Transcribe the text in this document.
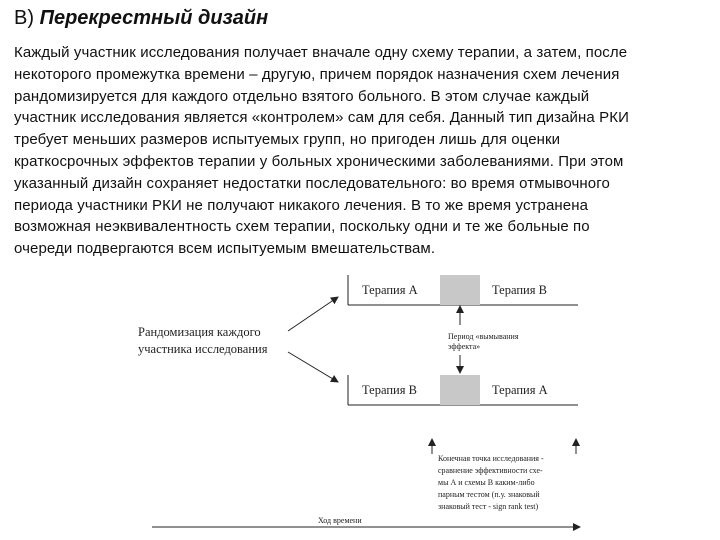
В) Перекрестный дизайн
Каждый участник исследования получает вначале одну схему терапии, а затем, после
некоторого промежутка времени – другую, причем порядок назначения схем лечения
рандомизируется для каждого отдельно взятого больного. В этом случае каждый
участник исследования является «контролем» сам для себя. Данный тип дизайна РКИ
требует меньших размеров испытуемых групп, но пригоден лишь для оценки
краткосрочных эффектов терапии у больных хроническими заболеваниями. При этом
указанный дизайн сохраняет недостатки последовательного: во время отмывочного
периода участники РКИ не получают никакого лечения. В то же время устранена
возможная неэквивалентность схем терапии, поскольку одни и те же больные по
очереди подвергаются всем испытуемым вмешательствам.
Рандомизация каждого
участника исследования
Терапия А	Терапия В
Период «вымывания
эффекта»
Терапия В	Терапия А
Конечная точка исследования -
сравнение эффективности схе-
мы А и схемы В каким-либо
парным тестом (п.у. знаковый
знаковый тест - sign rank test)
Ход времени
